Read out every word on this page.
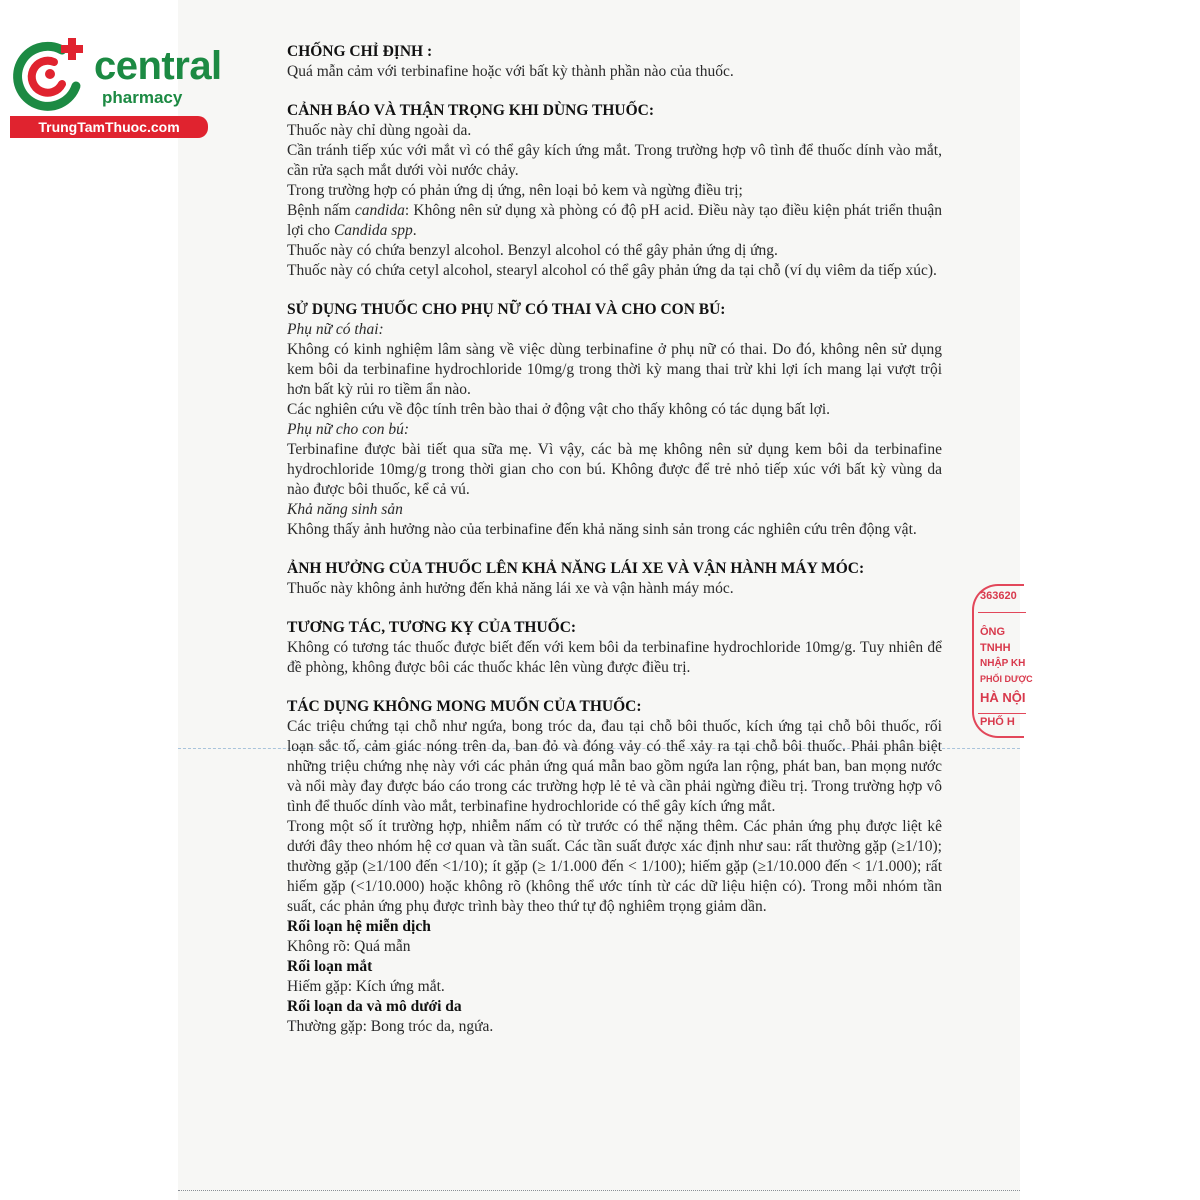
central
pharmacy
TrungTamThuoc.com
CHỐNG CHỈ ĐỊNH :

Quá mẫn cảm với terbinafine hoặc với bất kỳ thành phần nào của thuốc.

CẢNH BÁO VÀ THẬN TRỌNG KHI DÙNG THUỐC:

Thuốc này chỉ dùng ngoài da.

Cần tránh tiếp xúc với mắt vì có thể gây kích ứng mắt. Trong trường hợp vô tình để thuốc dính vào mắt, cần rửa sạch mắt dưới vòi nước chảy.

Trong trường hợp có phản ứng dị ứng, nên loại bỏ kem và ngừng điều trị;

Bệnh nấm candida: Không nên sử dụng xà phòng có độ pH acid. Điều này tạo điều kiện phát triển thuận lợi cho Candida spp.

Thuốc này có chứa benzyl alcohol. Benzyl alcohol có thể gây phản ứng dị ứng.

Thuốc này có chứa cetyl alcohol, stearyl alcohol có thể gây phản ứng da tại chỗ (ví dụ viêm da tiếp xúc).

SỬ DỤNG THUỐC CHO PHỤ NỮ CÓ THAI VÀ CHO CON BÚ:

Phụ nữ có thai:

Không có kinh nghiệm lâm sàng về việc dùng terbinafine ở phụ nữ có thai. Do đó, không nên sử dụng kem bôi da terbinafine hydrochloride 10mg/g trong thời kỳ mang thai trừ khi lợi ích mang lại vượt trội hơn bất kỳ rủi ro tiềm ẩn nào.

Các nghiên cứu về độc tính trên bào thai ở động vật cho thấy không có tác dụng bất lợi.

Phụ nữ cho con bú:

Terbinafine được bài tiết qua sữa mẹ. Vì vậy, các bà mẹ không nên sử dụng kem bôi da terbinafine hydrochloride 10mg/g trong thời gian cho con bú. Không được để trẻ nhỏ tiếp xúc với bất kỳ vùng da nào được bôi thuốc, kể cả vú.

Khả năng sinh sản

Không thấy ảnh hưởng nào của terbinafine đến khả năng sinh sản trong các nghiên cứu trên động vật.

ẢNH HƯỞNG CỦA THUỐC LÊN KHẢ NĂNG LÁI XE VÀ VẬN HÀNH MÁY MÓC:

Thuốc này không ảnh hưởng đến khả năng lái xe và vận hành máy móc.

TƯƠNG TÁC, TƯƠNG KỴ CỦA THUỐC:

Không có tương tác thuốc được biết đến với kem bôi da terbinafine hydrochloride 10mg/g. Tuy nhiên để đề phòng, không được bôi các thuốc khác lên vùng được điều trị.

TÁC DỤNG KHÔNG MONG MUỐN CỦA THUỐC:

Các triệu chứng tại chỗ như ngứa, bong tróc da, đau tại chỗ bôi thuốc, kích ứng tại chỗ bôi thuốc, rối loạn sắc tố, cảm giác nóng trên da, ban đỏ và đóng vảy có thể xảy ra tại chỗ bôi thuốc. Phải phân biệt những triệu chứng nhẹ này với các phản ứng quá mẫn bao gồm ngứa lan rộng, phát ban, ban mọng nước và nổi mày đay được báo cáo trong các trường hợp lẻ tẻ và cần phải ngừng điều trị. Trong trường hợp vô tình để thuốc dính vào mắt, terbinafine hydrochloride có thể gây kích ứng mắt.

Trong một số ít trường hợp, nhiễm nấm có từ trước có thể nặng thêm. Các phản ứng phụ được liệt kê dưới đây theo nhóm hệ cơ quan và tần suất. Các tần suất được xác định như sau: rất thường gặp (≥1/10); thường gặp (≥1/100 đến <1/10); ít gặp (≥ 1/1.000 đến < 1/100); hiếm gặp (≥1/10.000 đến < 1/1.000); rất hiếm gặp (<1/10.000) hoặc không rõ (không thể ước tính từ các dữ liệu hiện có). Trong mỗi nhóm tần suất, các phản ứng phụ được trình bày theo thứ tự độ nghiêm trọng giảm dần.

Rối loạn hệ miễn dịch

Không rõ: Quá mẫn

Rối loạn mắt

Hiếm gặp: Kích ứng mắt.

Rối loạn da và mô dưới da

Thường gặp: Bong tróc da, ngứa.

363620
ÔNG
TNHH
NHẬP KH
PHỐI DƯỢC
HÀ NỘI
PHỐ H
